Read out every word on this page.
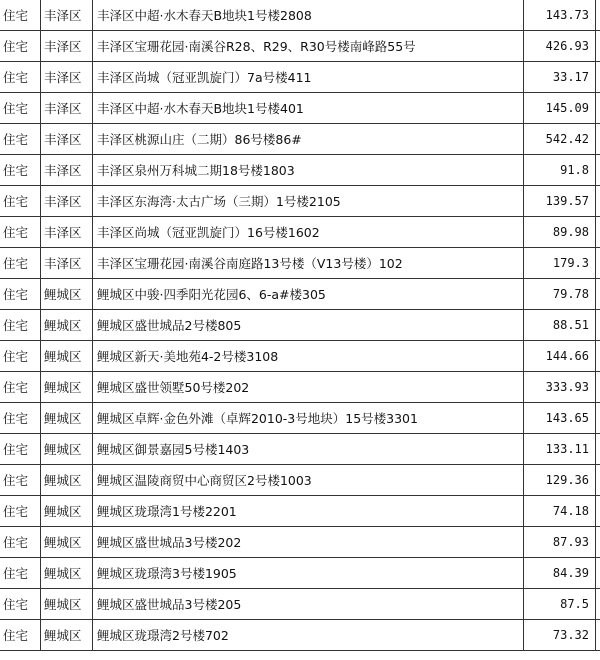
住宅	丰泽区	丰泽区中超·水木春天B地块1号楼2808	143.73	
住宅	丰泽区	丰泽区宝珊花园·南溪谷R28、R29、R30号楼南峰路55号	426.93	
住宅	丰泽区	丰泽区尚城（冠亚凯旋门）7a号楼411	33.17	
住宅	丰泽区	丰泽区中超·水木春天B地块1号楼401	145.09	
住宅	丰泽区	丰泽区桃源山庄（二期）86号楼86#	542.42	
住宅	丰泽区	丰泽区泉州万科城二期18号楼1803	91.8	
住宅	丰泽区	丰泽区东海湾·太古广场（三期）1号楼2105	139.57	
住宅	丰泽区	丰泽区尚城（冠亚凯旋门）16号楼1602	89.98	
住宅	丰泽区	丰泽区宝珊花园·南溪谷南庭路13号楼（V13号楼）102	179.3	
住宅	鲤城区	鲤城区中骏·四季阳光花园6、6-a#楼305	79.78	
住宅	鲤城区	鲤城区盛世城品2号楼805	88.51	
住宅	鲤城区	鲤城区新天·美地苑4-2号楼3108	144.66	
住宅	鲤城区	鲤城区盛世领墅50号楼202	333.93	
住宅	鲤城区	鲤城区卓辉·金色外滩（卓辉2010-3号地块）15号楼3301	143.65	
住宅	鲤城区	鲤城区御景嘉园5号楼1403	133.11	
住宅	鲤城区	鲤城区温陵商贸中心商贸区2号楼1003	129.36	
住宅	鲤城区	鲤城区珑璟湾1号楼2201	74.18	
住宅	鲤城区	鲤城区盛世城品3号楼202	87.93	
住宅	鲤城区	鲤城区珑璟湾3号楼1905	84.39	
住宅	鲤城区	鲤城区盛世城品3号楼205	87.5	
住宅	鲤城区	鲤城区珑璟湾2号楼702	73.32	
